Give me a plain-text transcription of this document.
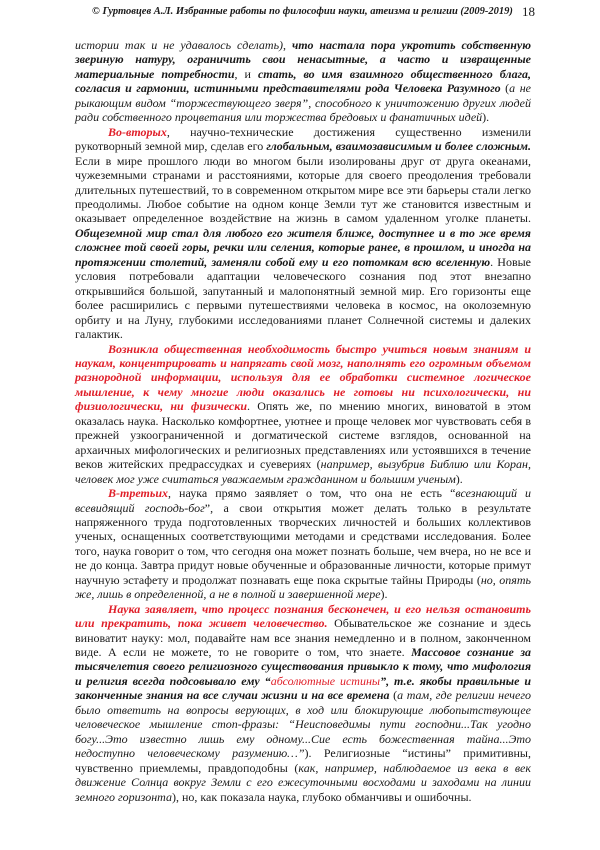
© Гуртовцев А.Л. Избранные работы по философии науки, атеизма и религии (2009-2019) 18

истории так и не удавалось сделать), что настала пора укротить собственную звериную натуру, ограничить свои ненасытные, а часто и извращенные материальные потребности, и стать, во имя взаимного общественного блага, согласия и гармонии, истинными представителями рода Человека Разумного (а не рыкающим видом “торжествующего зверя”, способного к уничтожению других людей ради собственного процветания или торжества бредовых и фанатичных идей).

Во-вторых, научно-технические достижения существенно изменили рукотворный земной мир, сделав его глобальным, взаимозависимым и более сложным. Если в мире прошлого люди во многом были изолированы друг от друга океанами, чужеземными странами и расстояниями, которые для своего преодоления требовали длительных путешествий, то в современном открытом мире все эти барьеры стали легко преодолимы. Любое событие на одном конце Земли тут же становится известным и оказывает определенное воздействие на жизнь в самом удаленном уголке планеты. Общеземной мир стал для любого его жителя ближе, доступнее и в то же время сложнее той своей горы, речки или селения, которые ранее, в прошлом, и иногда на протяжении столетий, заменяли собой ему и его потомкам всю вселенную. Новые условия потребовали адаптации человеческого сознания под этот внезапно открывшийся большой, запутанный и малопонятный земной мир. Его горизонты еще более расширились с первыми путешествиями человека в космос, на околоземную орбиту и на Луну, глубокими исследованиями планет Солнечной системы и далеких галактик.

Возникла общественная необходимость быстро учиться новым знаниям и наукам, концентрировать и напрягать свой мозг, наполнять его огромным объемом разнородной информации, используя для ее обработки системное логическое мышление, к чему многие люди оказались не готовы ни психологически, ни физиологически, ни физически. Опять же, по мнению многих, виноватой в этом оказалась наука. Насколько комфортнее, уютнее и проще человек мог чувствовать себя в прежней узкоограниченной и догматической системе взглядов, основанной на архаичных мифологических и религиозных представлениях или устоявшихся в течение веков житейских предрассудках и суевериях (например, вызубрив Библию или Коран, человек мог уже считаться уважаемым гражданином и большим ученым).

В-третьих, наука прямо заявляет о том, что она не есть “всезнающий и всевидящий господь-бог”, а свои открытия может делать только в результате напряженного труда подготовленных творческих личностей и больших коллективов ученых, оснащенных соответствующими методами и средствами исследования. Более того, наука говорит о том, что сегодня она может познать больше, чем вчера, но не все и не до конца. Завтра придут новые обученные и образованные личности, которые примут научную эстафету и продолжат познавать еще пока скрытые тайны Природы (но, опять же, лишь в определенной, а не в полной и завершенной мере).

Наука заявляет, что процесс познания бесконечен, и его нельзя остановить или прекратить, пока живет человечество. Обывательское же сознание и здесь виноватит науку: мол, подавайте нам все знания немедленно и в полном, законченном виде. А если не можете, то не говорите о том, что знаете. Массовое сознание за тысячелетия своего религиозного существования привыкло к тому, что мифология и религия всегда подсовывало ему “абсолютные истины”, т.е. якобы правильные и законченные знания на все случаи жизни и на все времена (а там, где религии нечего было ответить на вопросы верующих, в ход или блокирующие любопытствующее человеческое мышление стоп-фразы: “Неисповедимы пути господни...Так угодно богу...Это известно лишь ему одному...Сие есть божественная тайна...Это недоступно человеческому разумению…”). Религиозные “истины” примитивны, чувственно приемлемы, правдоподобны (как, например, наблюдаемое из века в век движение Солнца вокруг Земли с его ежесуточными восходами и заходами на линии земного горизонта), но, как показала наука, глубоко обманчивы и ошибочны.
